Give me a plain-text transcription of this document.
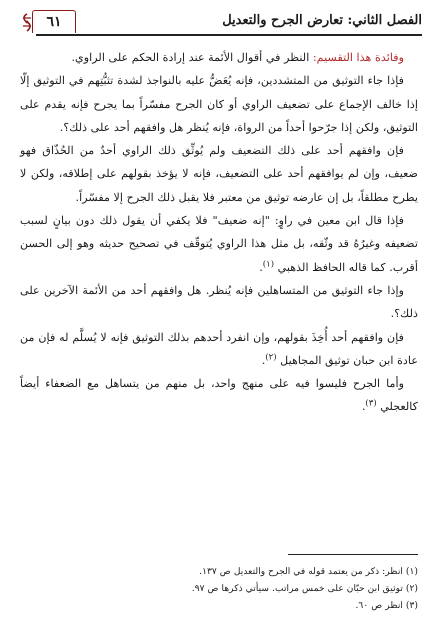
الفصل الثاني: تعارض الجرح والتعديل
٦١

وفائدة هذا التقسيم: النظر في أقوال الأئمة عند إرادة الحكم على الراوي.

فإذا جاء التوثيق من المتشددين، فإنه يُعَضُّ عليه بالنواجذ لشدة تثبُّتِهم في التوثيق إلّا إذا خالف الإجماع على تضعيف الراوي أو كان الجرح مفسّراً بما يجرح فإنه يقدم على التوثيق، ولكن إذا جرّحوا أحداً من الرواة، فإنه يُنظر هل وافقهم أحد على ذلك؟.

فإن وافقهم أحد على ذلك التضعيف ولم يُوثِّق ذلك الراوي أحدٌ من الحُذّاق فهو ضعيف، وإن لم يوافقهم أحد على التضعيف، فإنه لا يؤخذ بقولهم على إطلاقه، ولكن لا يطرح مطلقاً، بل إن عارضه توثيق من معتبر فلا يقبل ذلك الجرح إلا مفسّراً.

فإذا قال ابن معين في راوٍ: "إنه ضعيف" فلا يكفي أن يقول ذلك دون بيانٍ لسبب تضعيفه وغيرُهُ قد وثّقه، بل مثل هذا الراوي يُتوقّف في تصحيح حديثه وهو إلى الحسن أقرب. كما قاله الحافظ الذهبي $^{(١)}$.

وإذا جاء التوثيق من المتساهلين فإنه يُنظر. هل وافقهم أحد من الأئمة الآخرين على ذلك؟.

فإن وافقهم أحد أُخِذَ بقولهم، وإن انفرد أحدهم بذلك التوثيق فإنه لا يُسلَّم له فإن من عادة ابن حبان توثيق المجاهيل $^{(٢)}$.

وأما الجرح فليسوا فيه على منهج واحد، بل منهم من يتساهل مع الضعفاء أيضاً كالعجلي $^{(٣)}$.

(١) انظر: ذكر من يعتمد قوله في الجرح والتعديل ص ١٣٧.

(٢) توثيق ابن حبّان على خمس مراتب. سيأتي ذكرها ص ٩٧.

(٣) انظر ص ٦٠.
